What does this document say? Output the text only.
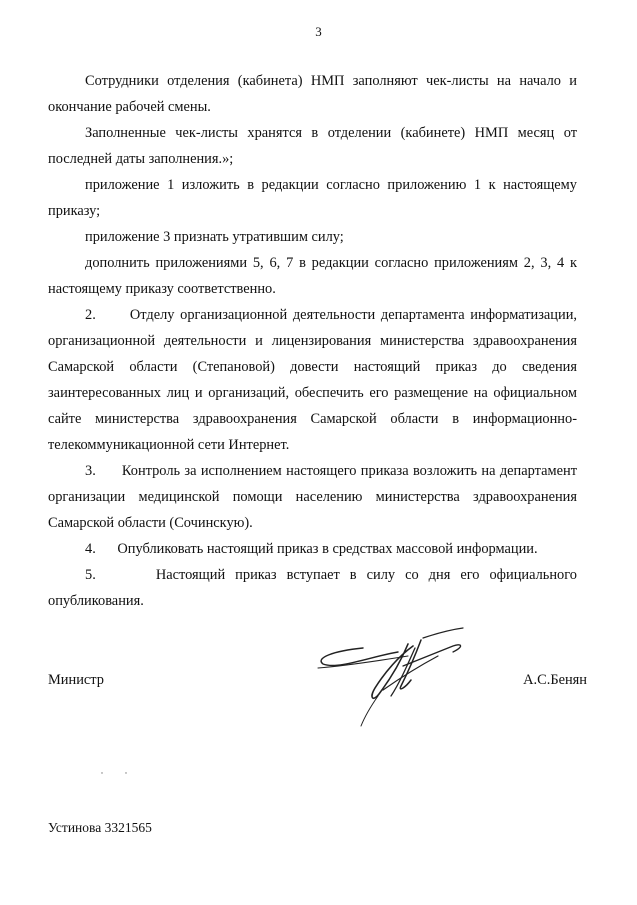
3

Сотрудники отделения (кабинета) НМП заполняют чек-листы на начало и окончание рабочей смены.

Заполненные чек-листы хранятся в отделении (кабинете) НМП месяц от последней даты заполнения.»;

приложение 1 изложить в редакции согласно приложению 1 к настоящему приказу;

приложение 3 признать утратившим силу;

дополнить приложениями 5, 6, 7 в редакции согласно приложениям 2, 3, 4 к настоящему приказу соответственно.

2.      Отделу организационной деятельности департамента информатизации, организационной деятельности и лицензирования министерства здравоохранения Самарской области (Степановой) довести настоящий приказ до сведения заинтересованных лиц и организаций, обеспечить его размещение на официальном сайте министерства здравоохранения Самарской области в информационно-телекоммуникационной сети Интернет.

3.      Контроль за исполнением настоящего приказа возложить на департамент организации медицинской помощи населению министерства здравоохранения Самарской области (Сочинскую).

4.      Опубликовать настоящий приказ в средствах массовой информации.

5.      Настоящий приказ вступает в силу со дня его официального опубликования.

Министр	А.С.Бенян
Устинова 3321565
